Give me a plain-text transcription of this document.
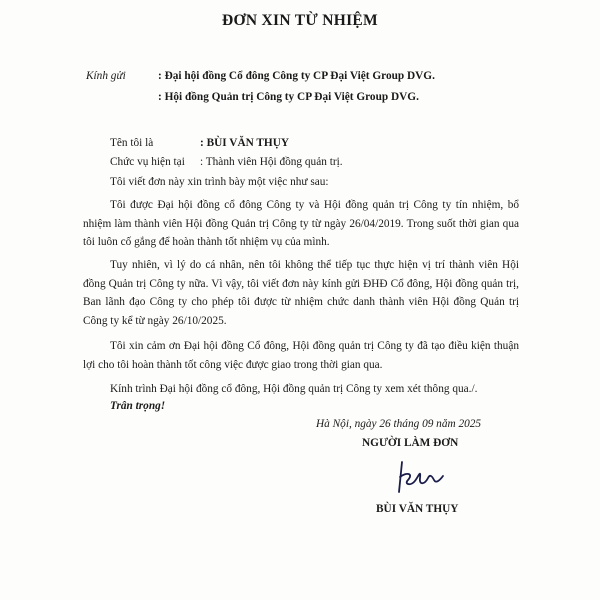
ĐƠN XIN TỪ NHIỆM
Kính gửi	: Đại hội đồng Cổ đông Công ty CP Đại Việt Group DVG.
: Hội đồng Quản trị Công ty CP Đại Việt Group DVG.
Tên tôi là	: BÙI VĂN THỤY
Chức vụ hiện tại : Thành viên Hội đồng quản trị.
Tôi viết đơn này xin trình bày một việc như sau:
Tôi được Đại hội đồng cổ đông Công ty và Hội đồng quản trị Công ty tín nhiệm, bổ nhiệm làm thành viên Hội đồng Quản trị Công ty từ ngày 26/04/2019. Trong suốt thời gian qua tôi luôn cố gắng để hoàn thành tốt nhiệm vụ của mình.
Tuy nhiên, vì lý do cá nhân, nên tôi không thể tiếp tục thực hiện vị trí thành viên Hội đồng Quản trị Công ty nữa. Vì vậy, tôi viết đơn này kính gửi ĐHĐ Cổ đông, Hội đồng quản trị, Ban lãnh đạo Công ty cho phép tôi được từ nhiệm chức danh thành viên Hội đồng Quản trị Công ty kể từ ngày 26/10/2025.
Tôi xin cảm ơn Đại hội đồng Cổ đông, Hội đồng quản trị Công ty đã tạo điều kiện thuận lợi cho tôi hoàn thành tốt công việc được giao trong thời gian qua.
Kính trình Đại hội đồng cổ đông, Hội đồng quản trị Công ty xem xét thông qua./.
Trân trọng!
Hà Nội, ngày 26 tháng 09 năm 2025
NGƯỜI LÀM ĐƠN
BÙI VĂN THỤY
